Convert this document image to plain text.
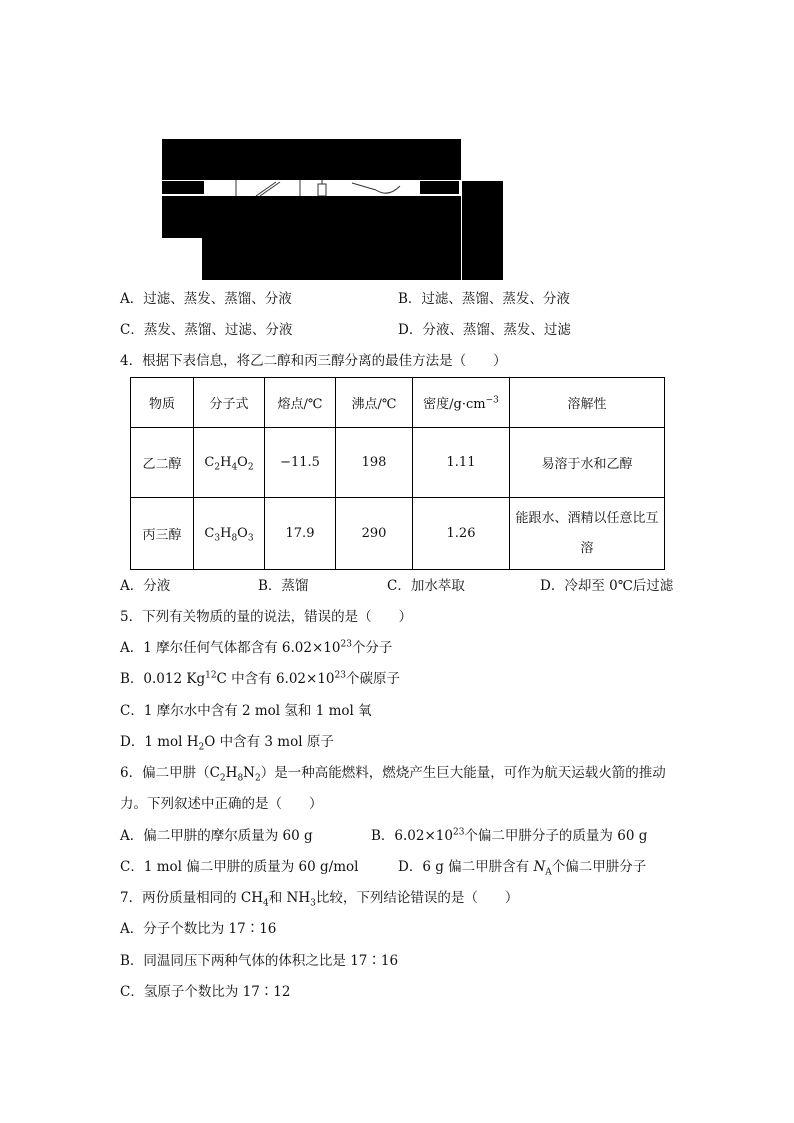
A．过滤、蒸发、蒸馏、分液	B．过滤、蒸馏、蒸发、分液
C．蒸发、蒸馏、过滤、分液	D．分液、蒸馏、蒸发、过滤
4．根据下表信息，将乙二醇和丙三醇分离的最佳方法是（　　）
物质	分子式	熔点/℃	沸点/℃	密度$/g\cdot cm^{-3}$	溶解性
乙二醇	$C_2H_4O_2$	−11.5	198	1.11	易溶于水和乙醇
丙三醇	$C_3H_8O_3$	17.9	290	1.26	能跟水、酒精以任意比互
溶
A．分液	B．蒸馏	C．加水萃取	D．冷却至 0℃后过滤
5．下列有关物质的量的说法，错误的是（　　）
A．1 摩尔任何气体都含有 $6.02\times 10^{23}$个分子
B．0.012 Kg$^{12}$C 中含有 $6.02\times 10^{23}$个碳原子
C．1 摩尔水中含有 2 mol 氢和 1 mol 氧
D．1 mol $H_2O$ 中含有 3 mol 原子
6．偏二甲肼$(C_2H_8N_2)$是一种高能燃料，燃烧产生巨大能量，可作为航天运载火箭的推动
力。下列叙述中正确的是（　　）
A．偏二甲肼的摩尔质量为 60 g	B．$6.02\times 10^{23}$个偏二甲肼分子的质量为 60 g
C．1 mol 偏二甲肼的质量为 60 g/mol	D．6 g 偏二甲肼含有 $N_A$个偏二甲肼分子
7．两份质量相同的 $CH_4$和 $NH_3$比较，下列结论错误的是（　　）
A．分子个数比为 17∶16
B．同温同压下两种气体的体积之比是 17∶16
C．氢原子个数比为 17∶12
